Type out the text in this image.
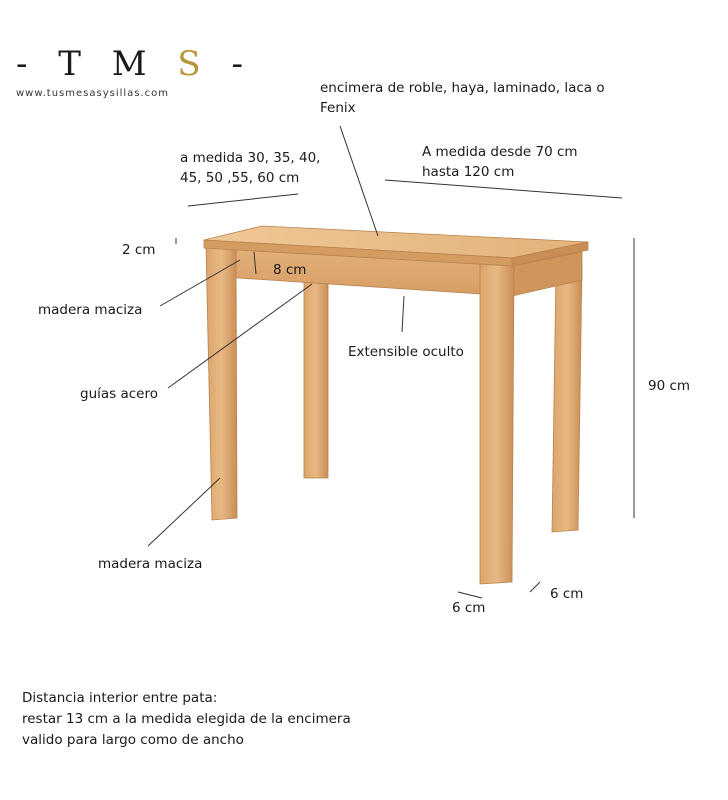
- T M S -
www.tusmesasysillas.com	encimera de roble, haya, laminado, laca o
Fenix
a medida 30, 35, 40,
45, 50 ,55, 60 cm
A medida desde 70 cm
hasta 120 cm
2 cm
8 cm
madera maciza
Extensible oculto
guías acero	90 cm
madera maciza
6 cm
6 cm
Distancia interior entre pata:
restar 13 cm a la medida elegida de la encimera
valido para largo como de ancho
